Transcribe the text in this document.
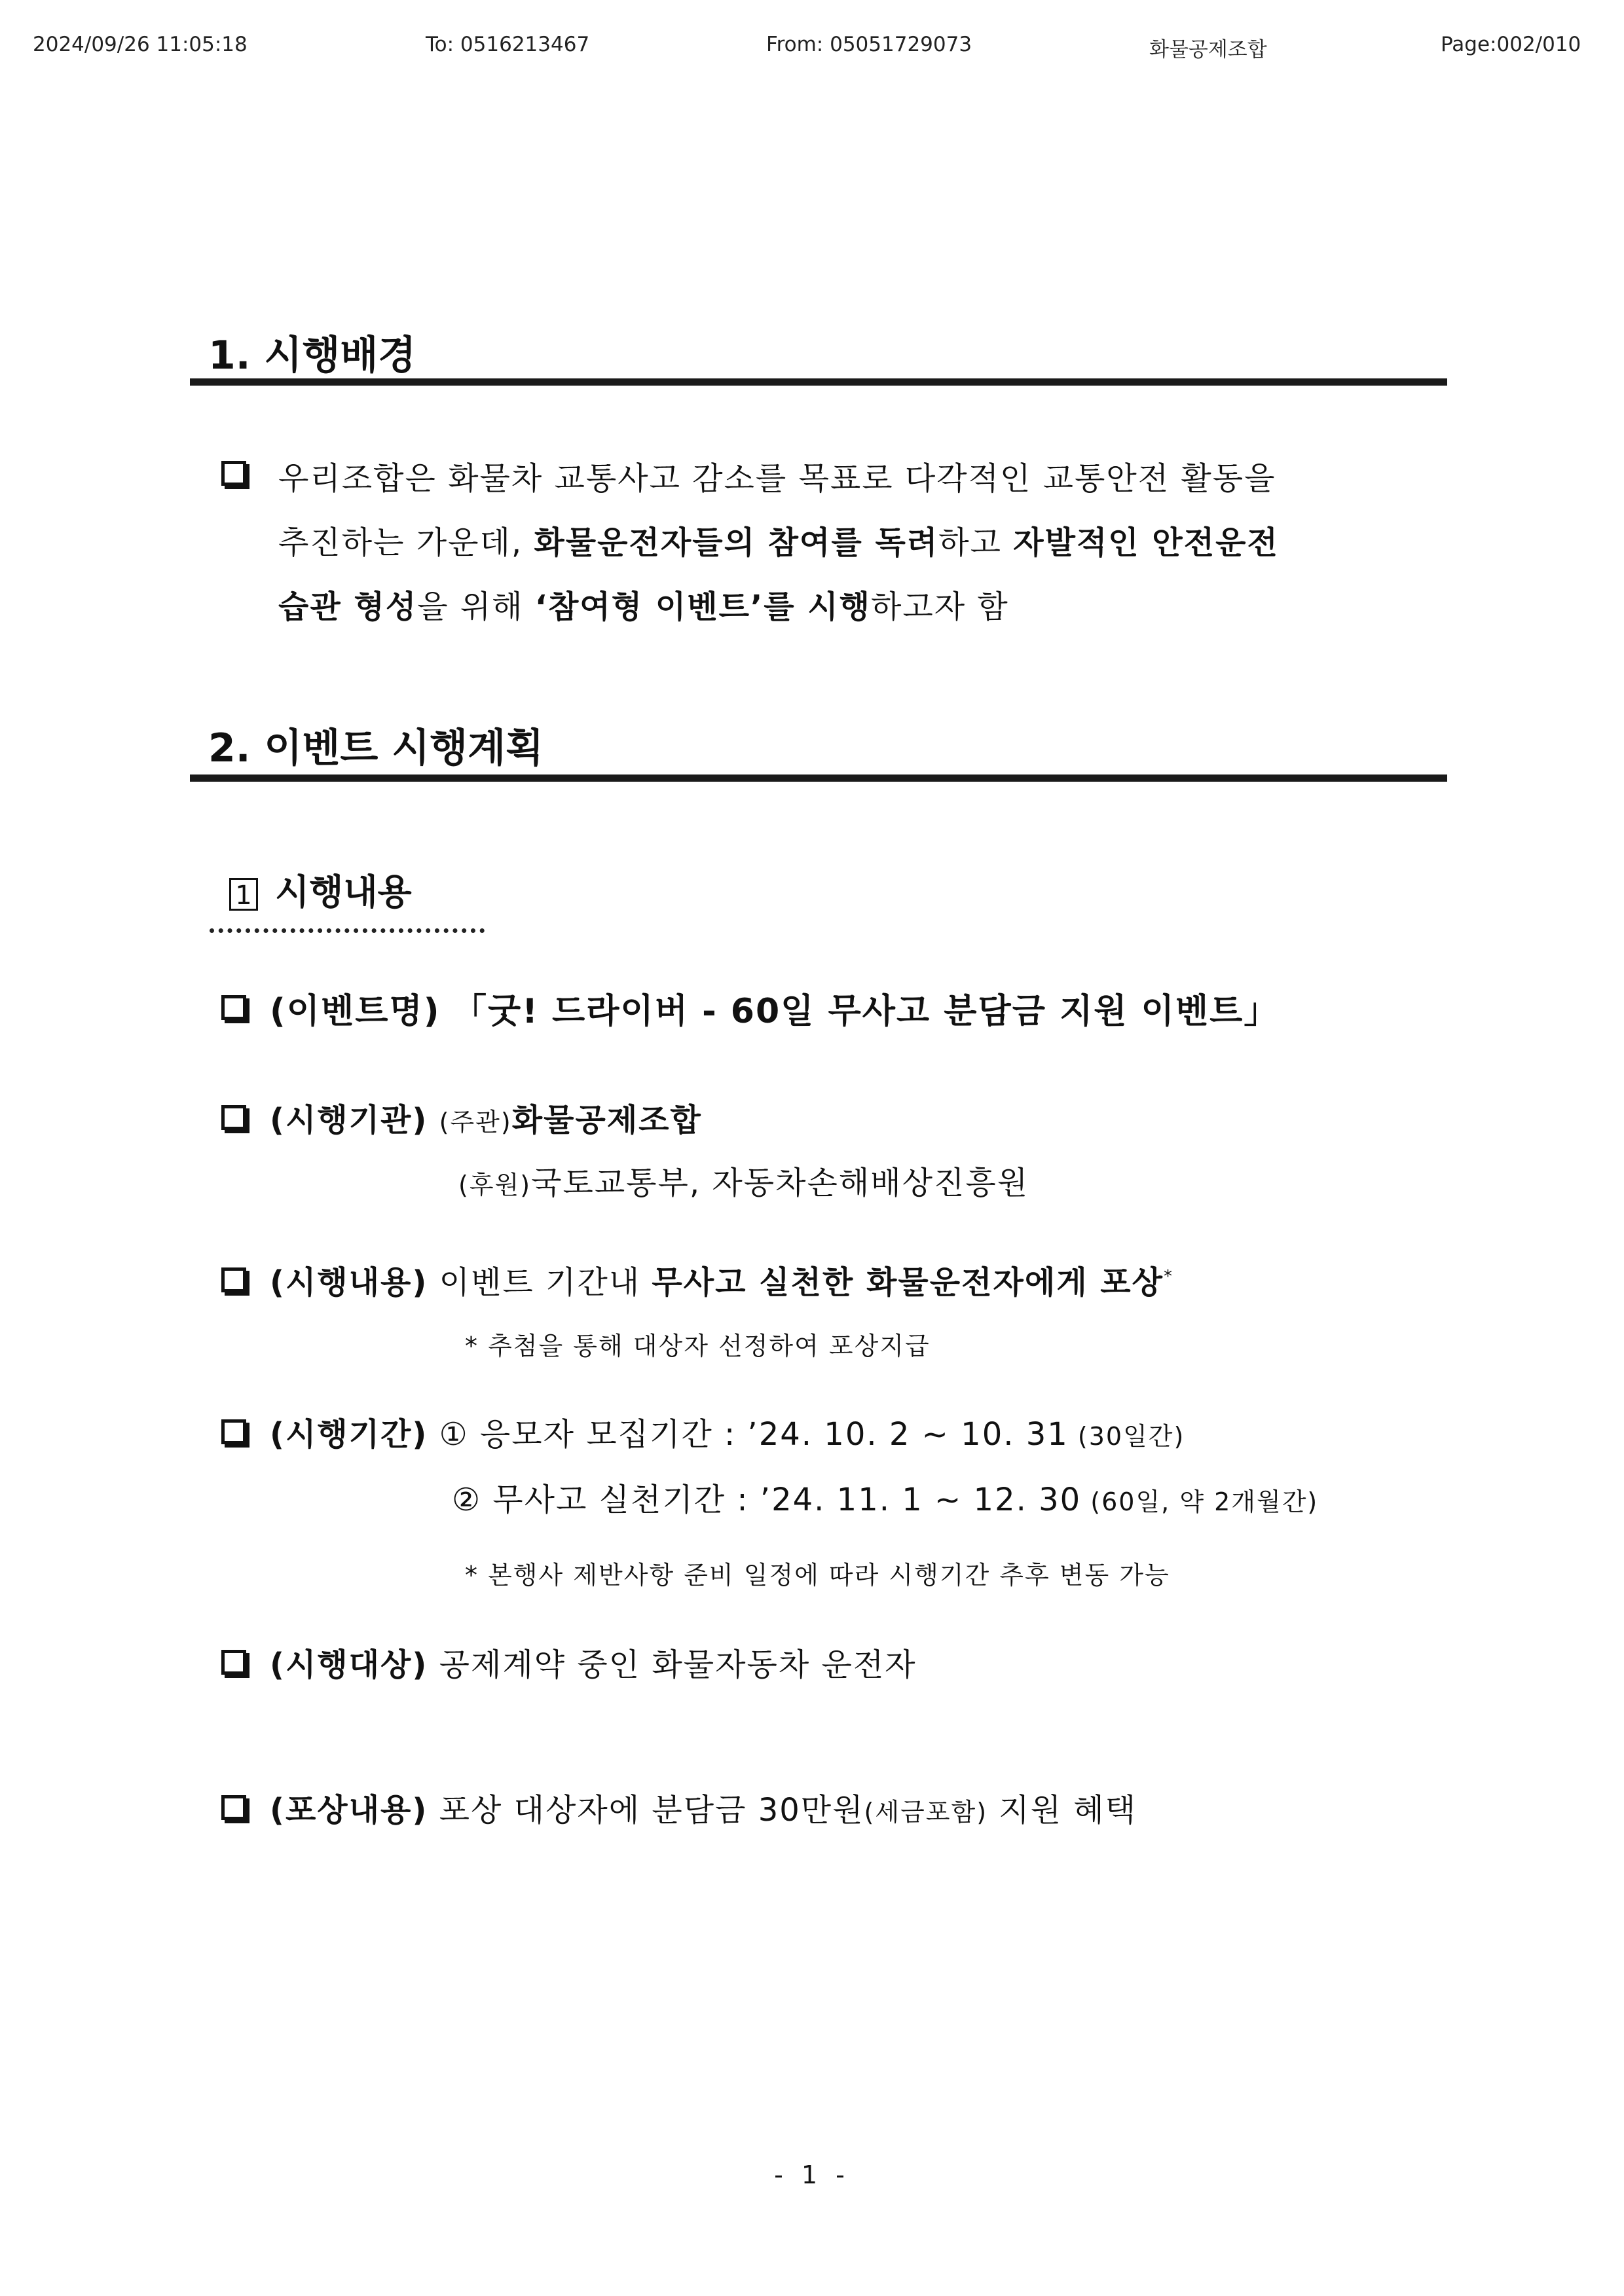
2024/09/26 11:05:18	To: 0516213467	From: 05051729073	화물공제조합	Page:002/010
1. 시행배경
우리조합은 화물차 교통사고 감소를 목표로 다각적인 교통안전 활동을
추진하는 가운데, 화물운전자들의 참여를 독려하고 자발적인 안전운전
습관 형성을 위해 ‘참여형 이벤트’를 시행하고자 함
2. 이벤트 시행계획
1 시행내용
(이벤트명) 「굿! 드라이버 - 60일 무사고 분담금 지원 이벤트」
(시행기관) (주관)화물공제조합
(후원)국토교통부, 자동차손해배상진흥원
(시행내용) 이벤트 기간내 무사고 실천한 화물운전자에게 포상*
* 추첨을 통해 대상자 선정하여 포상지급
(시행기간) ① 응모자 모집기간 : ’24. 10. 2 ~ 10. 31 (30일간)
② 무사고 실천기간 : ’24. 11. 1 ~ 12. 30 (60일, 약 2개월간)
* 본행사 제반사항 준비 일정에 따라 시행기간 추후 변동 가능
(시행대상) 공제계약 중인 화물자동차 운전자
(포상내용) 포상 대상자에 분담금 30만원(세금포함) 지원 혜택
- 1 -
